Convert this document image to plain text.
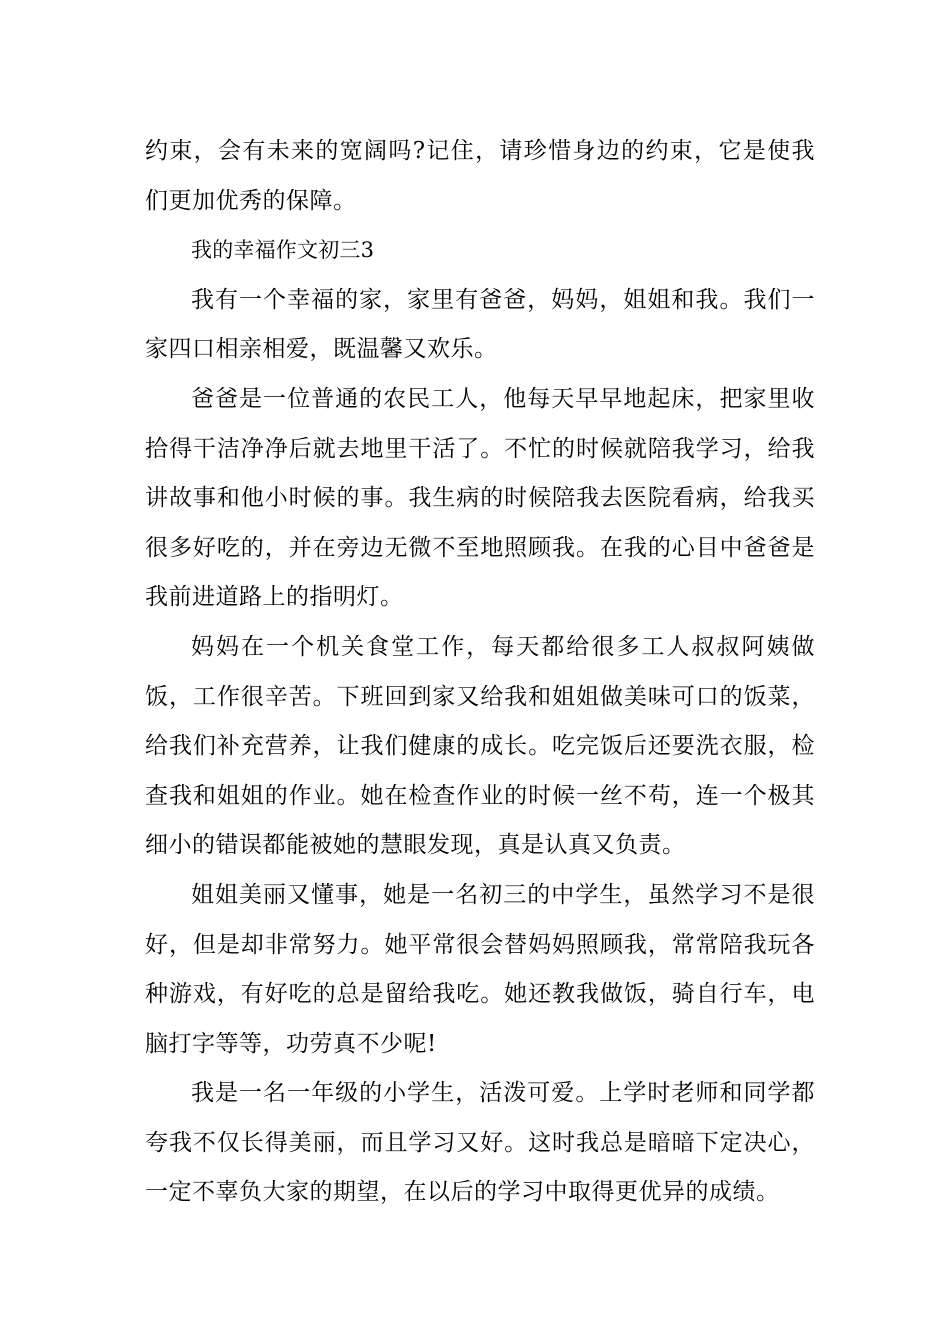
约束，会有未来的宽阔吗?记住，请珍惜身边的约束，它是使我们更加优秀的保障。

我的幸福作文初三3

我有一个幸福的家，家里有爸爸，妈妈，姐姐和我。我们一家四口相亲相爱，既温馨又欢乐。

爸爸是一位普通的农民工人，他每天早早地起床，把家里收拾得干洁净净后就去地里干活了。不忙的时候就陪我学习，给我讲故事和他小时候的事。我生病的时候陪我去医院看病，给我买很多好吃的，并在旁边无微不至地照顾我。在我的心目中爸爸是我前进道路上的指明灯。

妈妈在一个机关食堂工作，每天都给很多工人叔叔阿姨做饭，工作很辛苦。下班回到家又给我和姐姐做美味可口的饭菜，给我们补充营养，让我们健康的成长。吃完饭后还要洗衣服，检查我和姐姐的作业。她在检查作业的时候一丝不苟，连一个极其细小的错误都能被她的慧眼发现，真是认真又负责。

姐姐美丽又懂事，她是一名初三的中学生，虽然学习不是很好，但是却非常努力。她平常很会替妈妈照顾我，常常陪我玩各种游戏，有好吃的总是留给我吃。她还教我做饭，骑自行车，电脑打字等等，功劳真不少呢!

我是一名一年级的小学生，活泼可爱。上学时老师和同学都夸我不仅长得美丽，而且学习又好。这时我总是暗暗下定决心，一定不辜负大家的期望，在以后的学习中取得更优异的成绩。
